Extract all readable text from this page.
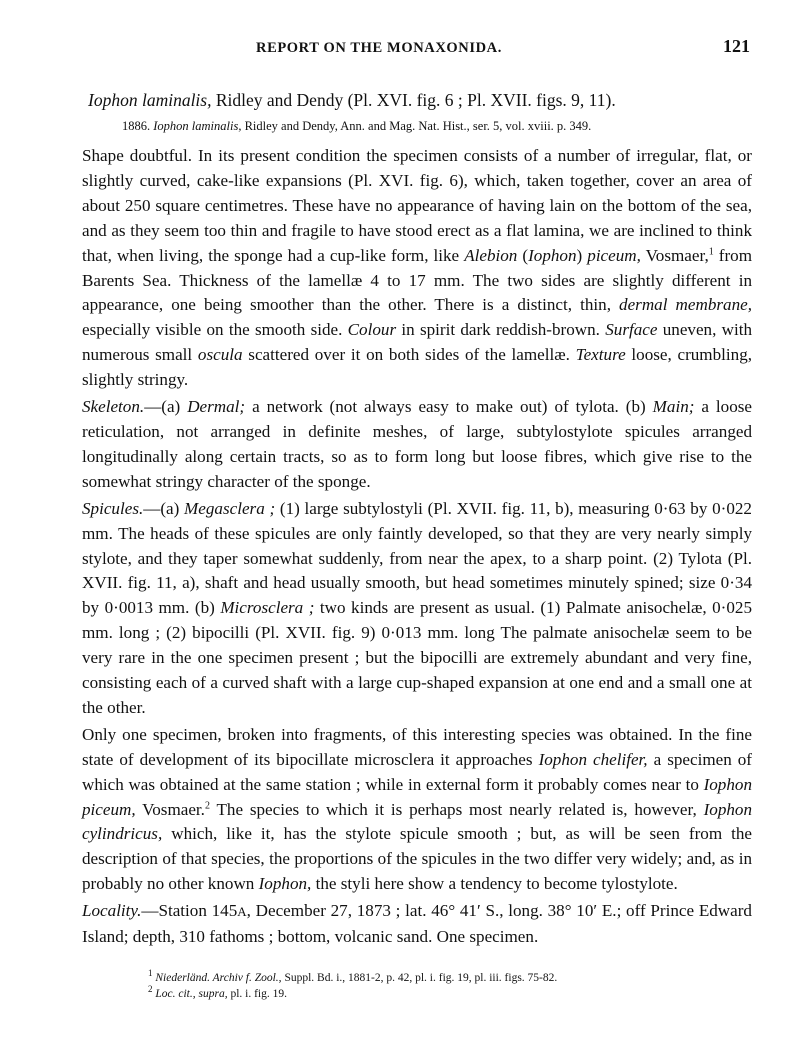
REPORT ON THE MONAXONIDA.	121
Iophon laminalis, Ridley and Dendy (Pl. XVI. fig. 6 ; Pl. XVII. figs. 9, 11).
1886. Iophon laminalis, Ridley and Dendy, Ann. and Mag. Nat. Hist., ser. 5, vol. xviii. p. 349.

Shape doubtful. In its present condition the specimen consists of a number of irregular, flat, or slightly curved, cake-like expansions (Pl. XVI. fig. 6), which, taken together, cover an area of about 250 square centimetres. These have no appearance of having lain on the bottom of the sea, and as they seem too thin and fragile to have stood erect as a flat lamina, we are inclined to think that, when living, the sponge had a cup-like form, like Alebion (Iophon) piceum, Vosmaer,$^1$ from Barents Sea. Thickness of the lamellæ 4 to 17 mm. The two sides are slightly different in appearance, one being smoother than the other. There is a distinct, thin, dermal membrane, especially visible on the smooth side. Colour in spirit dark reddish-brown. Surface uneven, with numerous small oscula scattered over it on both sides of the lamellæ. Texture loose, crumbling, slightly stringy.

Skeleton.—(a) Dermal; a network (not always easy to make out) of tylota. (b) Main; a loose reticulation, not arranged in definite meshes, of large, subtylostylote spicules arranged longitudinally along certain tracts, so as to form long but loose fibres, which give rise to the somewhat stringy character of the sponge.

Spicules.—(a) Megasclera ; (1) large subtylostyli (Pl. XVII. fig. 11, b), measuring 0·63 by 0·022 mm. The heads of these spicules are only faintly developed, so that they are very nearly simply stylote, and they taper somewhat suddenly, from near the apex, to a sharp point. (2) Tylota (Pl. XVII. fig. 11, a), shaft and head usually smooth, but head sometimes minutely spined; size 0·34 by 0·0013 mm. (b) Microsclera ; two kinds are present as usual. (1) Palmate anisochelæ, 0·025 mm. long ; (2) bipocilli (Pl. XVII. fig. 9) 0·013 mm. long The palmate anisochelæ seem to be very rare in the one specimen present ; but the bipocilli are extremely abundant and very fine, consisting each of a curved shaft with a large cup-shaped expansion at one end and a small one at the other.

Only one specimen, broken into fragments, of this interesting species was obtained. In the fine state of development of its bipocillate microsclera it approaches Iophon chelifer, a specimen of which was obtained at the same station ; while in external form it probably comes near to Iophon piceum, Vosmaer.$^2$ The species to which it is perhaps most nearly related is, however, Iophon cylindricus, which, like it, has the stylote spicule smooth ; but, as will be seen from the description of that species, the proportions of the spicules in the two differ very widely; and, as in probably no other known Iophon, the styli here show a tendency to become tylostylote.

Locality.—Station 145A, December 27, 1873 ; lat. 46° 41′ S., long. 38° 10′ E.; off Prince Edward Island; depth, 310 fathoms ; bottom, volcanic sand. One specimen.

$^1$ Niederländ. Archiv f. Zool., Suppl. Bd. i., 1881-2, p. 42, pl. i. fig. 19, pl. iii. figs. 75-82.
$^2$ Loc. cit., supra, pl. i. fig. 19.
